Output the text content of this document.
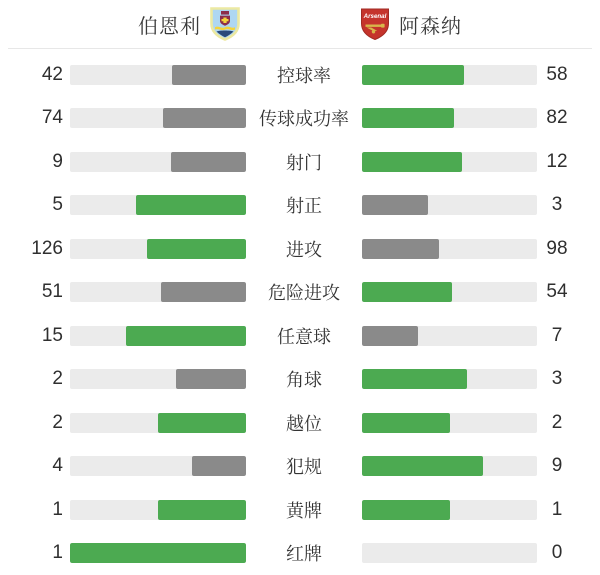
伯恩利	Arsenal 阿森纳
42	控球率	58
74	传球成功率	82
9	射门	12
5	射正	3
126	进攻	98
51	危险进攻	54
15	任意球	7
2	角球	3
2	越位	2
4	犯规	9
1	黄牌	1
1	红牌	0
